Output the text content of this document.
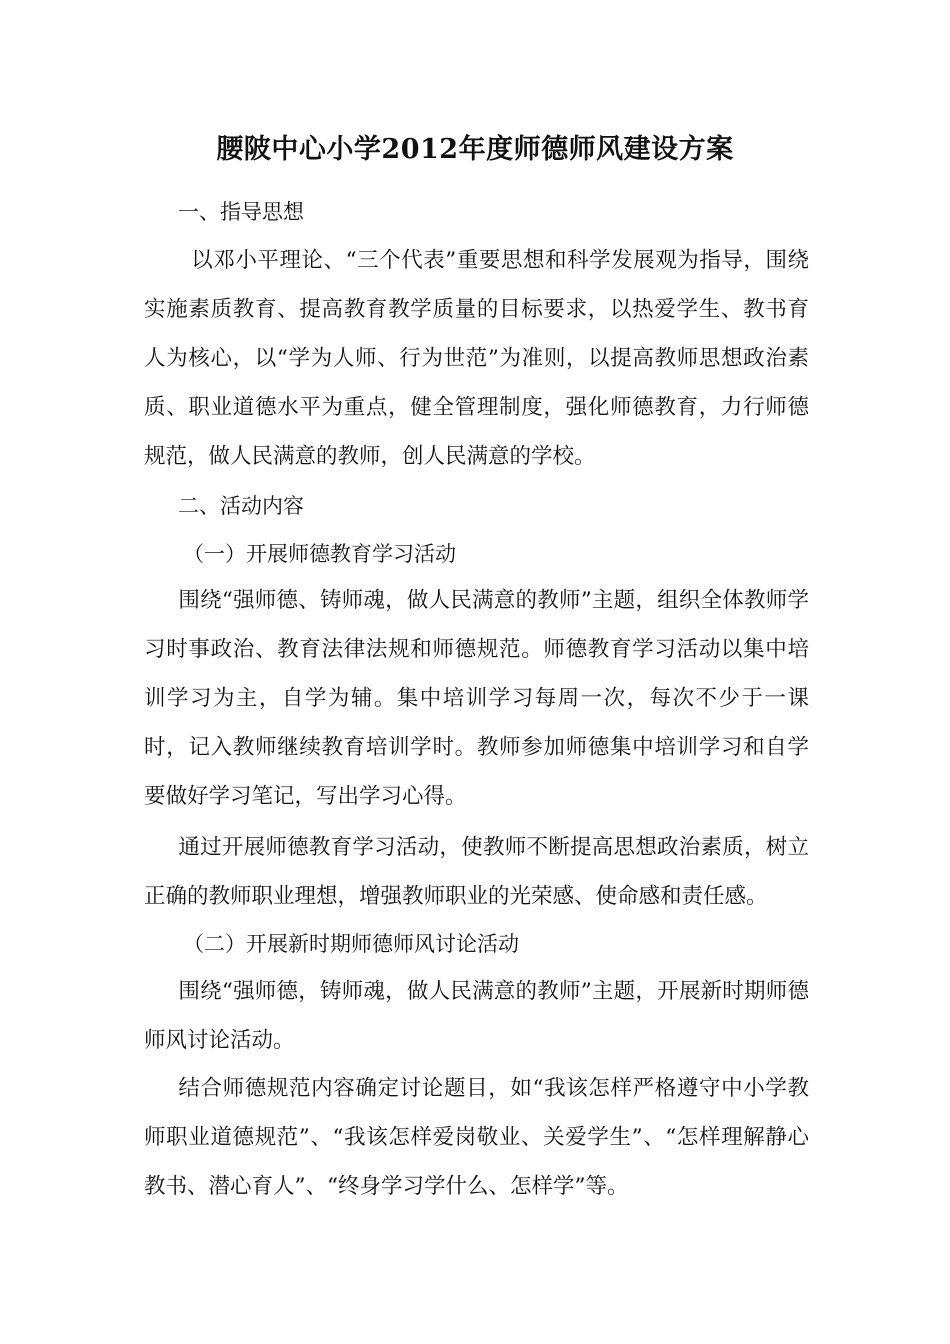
腰陂中心小学2012年度师德师风建设方案
一、指导思想

以邓小平理论、“三个代表”重要思想和科学发展观为指导，围绕实施素质教育、提高教育教学质量的目标要求，以热爱学生、教书育人为核心，以“学为人师、行为世范”为准则，以提高教师思想政治素质、职业道德水平为重点，健全管理制度，强化师德教育，力行师德规范，做人民满意的教师，创人民满意的学校。

二、活动内容
（一）开展师德教育学习活动

围绕“强师德、铸师魂，做人民满意的教师”主题，组织全体教师学习时事政治、教育法律法规和师德规范。师德教育学习活动以集中培训学习为主，自学为辅。集中培训学习每周一次，每次不少于一课时，记入教师继续教育培训学时。教师参加师德集中培训学习和自学要做好学习笔记，写出学习心得。

通过开展师德教育学习活动，使教师不断提高思想政治素质，树立正确的教师职业理想，增强教师职业的光荣感、使命感和责任感。

（二）开展新时期师德师风讨论活动

围绕“强师德，铸师魂，做人民满意的教师”主题，开展新时期师德师风讨论活动。

结合师德规范内容确定讨论题目，如“我该怎样严格遵守中小学教师职业道德规范”、“我该怎样爱岗敬业、关爱学生”、“怎样理解静心教书、潜心育人”、“终身学习学什么、怎样学”等。
